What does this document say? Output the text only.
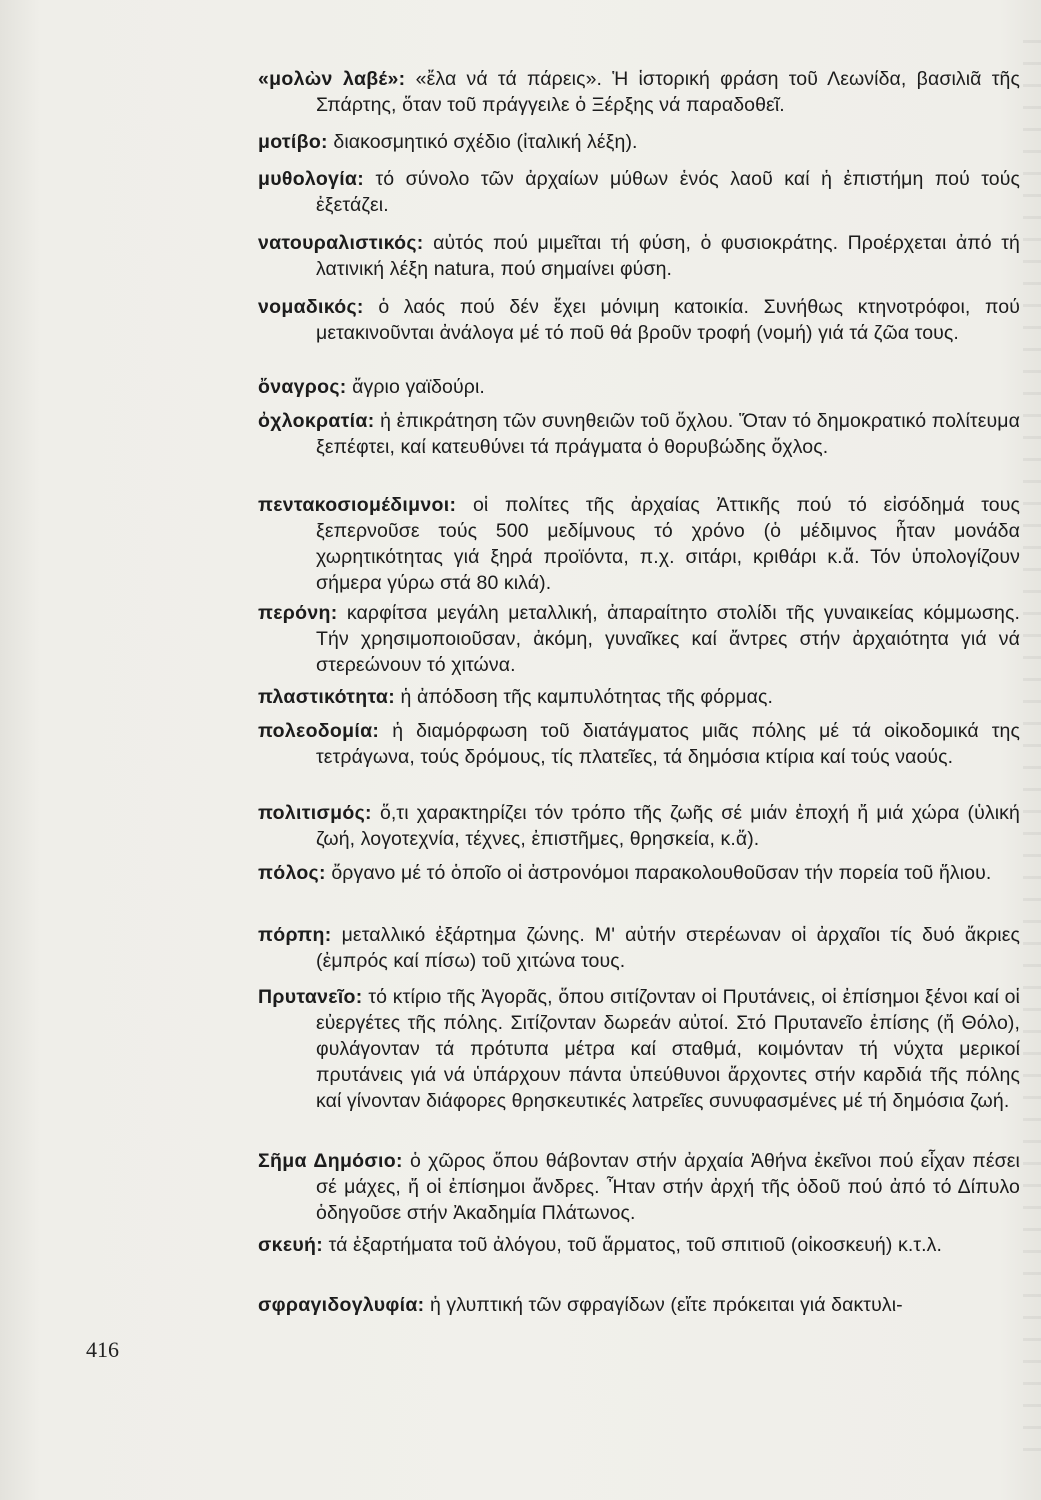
«μολὼν λαβέ»: «ἔλα νά τά πάρεις». Ἡ ἱστορική φράση τοῦ Λεωνίδα, βασιλιᾶ τῆς Σπάρτης, ὅταν τοῦ πράγγειλε ὁ Ξέρξης νά παραδοθεῖ.
μοτίβο: διακοσμητικό σχέδιο (ἰταλική λέξη).
μυθολογία: τό σύνολο τῶν ἀρχαίων μύθων ἑνός λαοῦ καί ἡ ἐπιστήμη πού τούς ἐξετάζει.
νατουραλιστικός: αὐτός πού μιμεῖται τή φύση, ὁ φυσιοκράτης. Προέρχεται ἀπό τή λατινική λέξη natura, πού σημαίνει φύση.
νομαδικός: ὁ λαός πού δέν ἔχει μόνιμη κατοικία. Συνήθως κτηνοτρόφοι, πού μετακινοῦνται ἀνάλογα μέ τό ποῦ θά βροῦν τροφή (νομή) γιά τά ζῶα τους.
ὄναγρος: ἄγριο γαϊδούρι.
ὀχλοκρατία: ἡ ἐπικράτηση τῶν συνηθειῶν τοῦ ὄχλου. Ὅταν τό δημοκρατικό πολίτευμα ξεπέφτει, καί κατευθύνει τά πράγματα ὁ θορυβώδης ὄχλος.
πεντακοσιομέδιμνοι: οἱ πολίτες τῆς ἀρχαίας Ἀττικῆς πού τό εἰσόδημά τους ξεπερνοῦσε τούς 500 μεδίμνους τό χρόνο (ὁ μέδιμνος ἦταν μονάδα χωρητικότητας γιά ξηρά προϊόντα, π.χ. σιτάρι, κριθάρι κ.ἄ. Τόν ὑπολογίζουν σήμερα γύρω στά 80 κιλά).
περόνη: καρφίτσα μεγάλη μεταλλική, ἀπαραίτητο στολίδι τῆς γυναικείας κόμμωσης. Τήν χρησιμοποιοῦσαν, ἀκόμη, γυναῖκες καί ἄντρες στήν ἀρχαιότητα γιά νά στερεώνουν τό χιτώνα.
πλαστικότητα: ἡ ἀπόδοση τῆς καμπυλότητας τῆς φόρμας.
πολεοδομία: ἡ διαμόρφωση τοῦ διατάγματος μιᾶς πόλης μέ τά οἰκοδομικά της τετράγωνα, τούς δρόμους, τίς πλατεῖες, τά δημόσια κτίρια καί τούς ναούς.
πολιτισμός: ὅ,τι χαρακτηρίζει τόν τρόπο τῆς ζωῆς σέ μιάν ἐποχή ἤ μιά χώρα (ὑλική ζωή, λογοτεχνία, τέχνες, ἐπιστῆμες, θρησκεία, κ.ἄ).
πόλος: ὄργανο μέ τό ὁποῖο οἱ ἀστρονόμοι παρακολουθοῦσαν τήν πορεία τοῦ ἥλιου.
πόρπη: μεταλλικό ἐξάρτημα ζώνης. Μ' αὐτήν στερέωναν οἱ ἀρχαῖοι τίς δυό ἄκριες (ἐμπρός καί πίσω) τοῦ χιτώνα τους.
Πρυτανεῖο: τό κτίριο τῆς Ἀγορᾶς, ὅπου σιτίζονταν οἱ Πρυτάνεις, οἱ ἐπίσημοι ξένοι καί οἱ εὐεργέτες τῆς πόλης. Σιτίζονταν δωρεάν αὐτοί. Στό Πρυτανεῖο ἐπίσης (ἤ Θόλο), φυλάγονταν τά πρότυπα μέτρα καί σταθμά, κοιμόνταν τή νύχτα μερικοί πρυτάνεις γιά νά ὑπάρχουν πάντα ὑπεύθυνοι ἄρχοντες στήν καρδιά τῆς πόλης καί γίνονταν διάφορες θρησκευτικές λατρεῖες συνυφασμένες μέ τή δημόσια ζωή.
Σῆμα Δημόσιο: ὁ χῶρος ὅπου θάβονταν στήν ἀρχαία Ἀθήνα ἐκεῖνοι πού εἶχαν πέσει σέ μάχες, ἤ οἱ ἐπίσημοι ἄνδρες. Ἦταν στήν ἀρχή τῆς ὁδοῦ πού ἀπό τό Δίπυλο ὁδηγοῦσε στήν Ἀκαδημία Πλάτωνος.
σκευή: τά ἐξαρτήματα τοῦ ἀλόγου, τοῦ ἅρματος, τοῦ σπιτιοῦ (οἰκοσκευή) κ.τ.λ.
σφραγιδογλυφία: ἡ γλυπτική τῶν σφραγίδων (εἴτε πρόκειται γιά δακτυλι-
416
